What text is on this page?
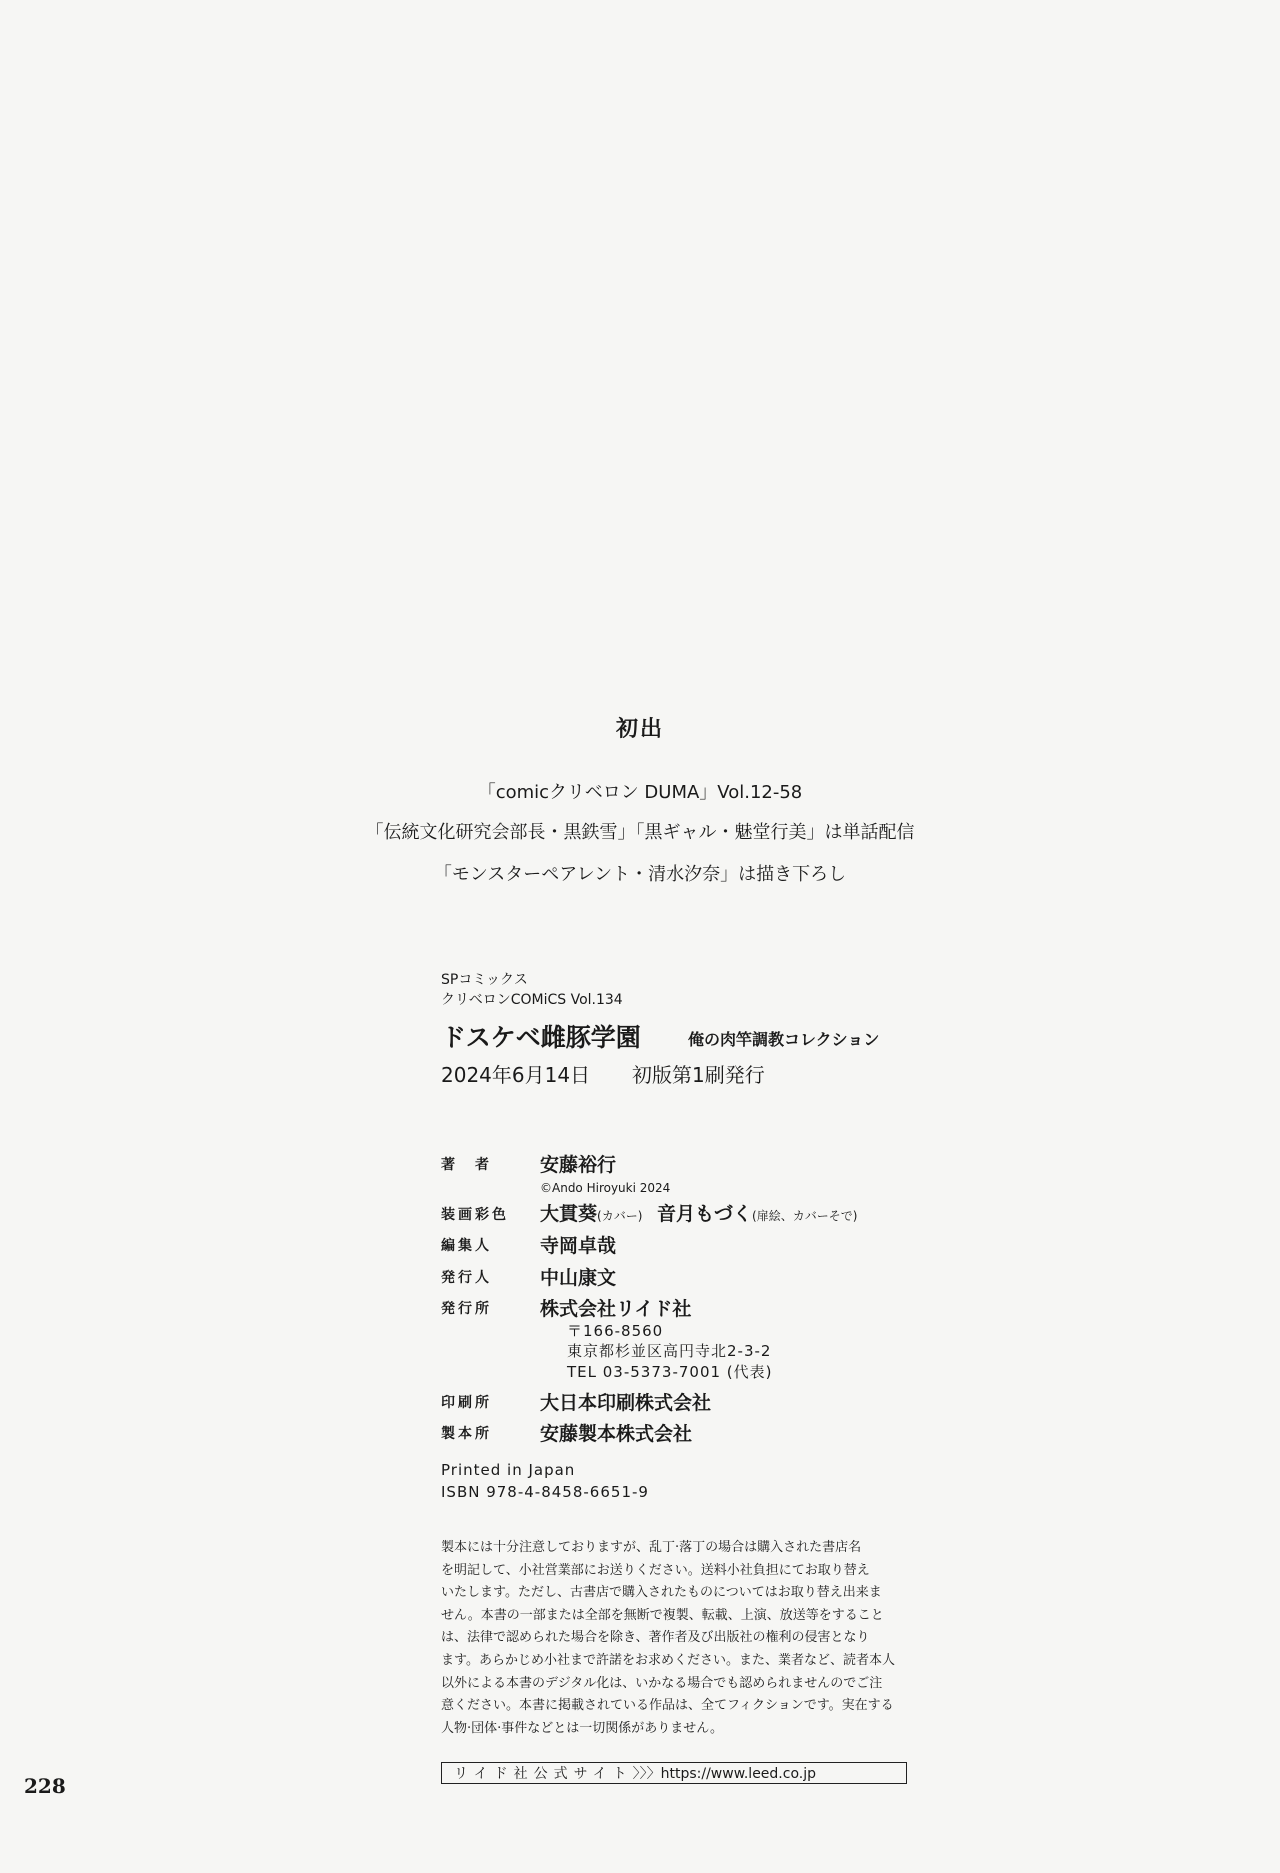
初出
「comicクリベロン DUMA」Vol.12-58
「伝統文化研究会部長・黒鉄雪」「黒ギャル・魅堂行美」は単話配信
「モンスターペアレント・清水汐奈」は描き下ろし
SPコミックス
クリベロンCOMiCS Vol.134
ドスケベ雌豚学園	俺の肉竿調教コレクション
2024年6月14日 初版第1刷発行
著　者	安藤裕行
©Ando Hiroyuki 2024
装画彩色 大貫葵(カバー) 音月もづく(扉絵、カバーそで)
編集人	寺岡卓哉
発行人	中山康文
発行所	株式会社リイド社
〒166-8560
東京都杉並区高円寺北2-3-2
TEL 03-5373-7001 (代表)
印刷所	大日本印刷株式会社
製本所	安藤製本株式会社
Printed in Japan
ISBN 978-4-8458-6651-9
製本には十分注意しておりますが、乱丁·落丁の場合は購入された書店名
を明記して、小社営業部にお送りください。送料小社負担にてお取り替え
いたします。ただし、古書店で購入されたものについてはお取り替え出来ま
せん。本書の一部または全部を無断で複製、転載、上演、放送等をすること
は、法律で認められた場合を除き、著作者及び出版社の権利の侵害となり
ます。あらかじめ小社まで許諾をお求めください。また、業者など、読者本人
以外による本書のデジタル化は、いかなる場合でも認められませんのでご注
意ください。本書に掲載されている作品は、全てフィクションです。実在する
人物·団体·事件などとは一切関係がありません。
リイド社公式サイト〉〉〉https://www.leed.co.jp
228
